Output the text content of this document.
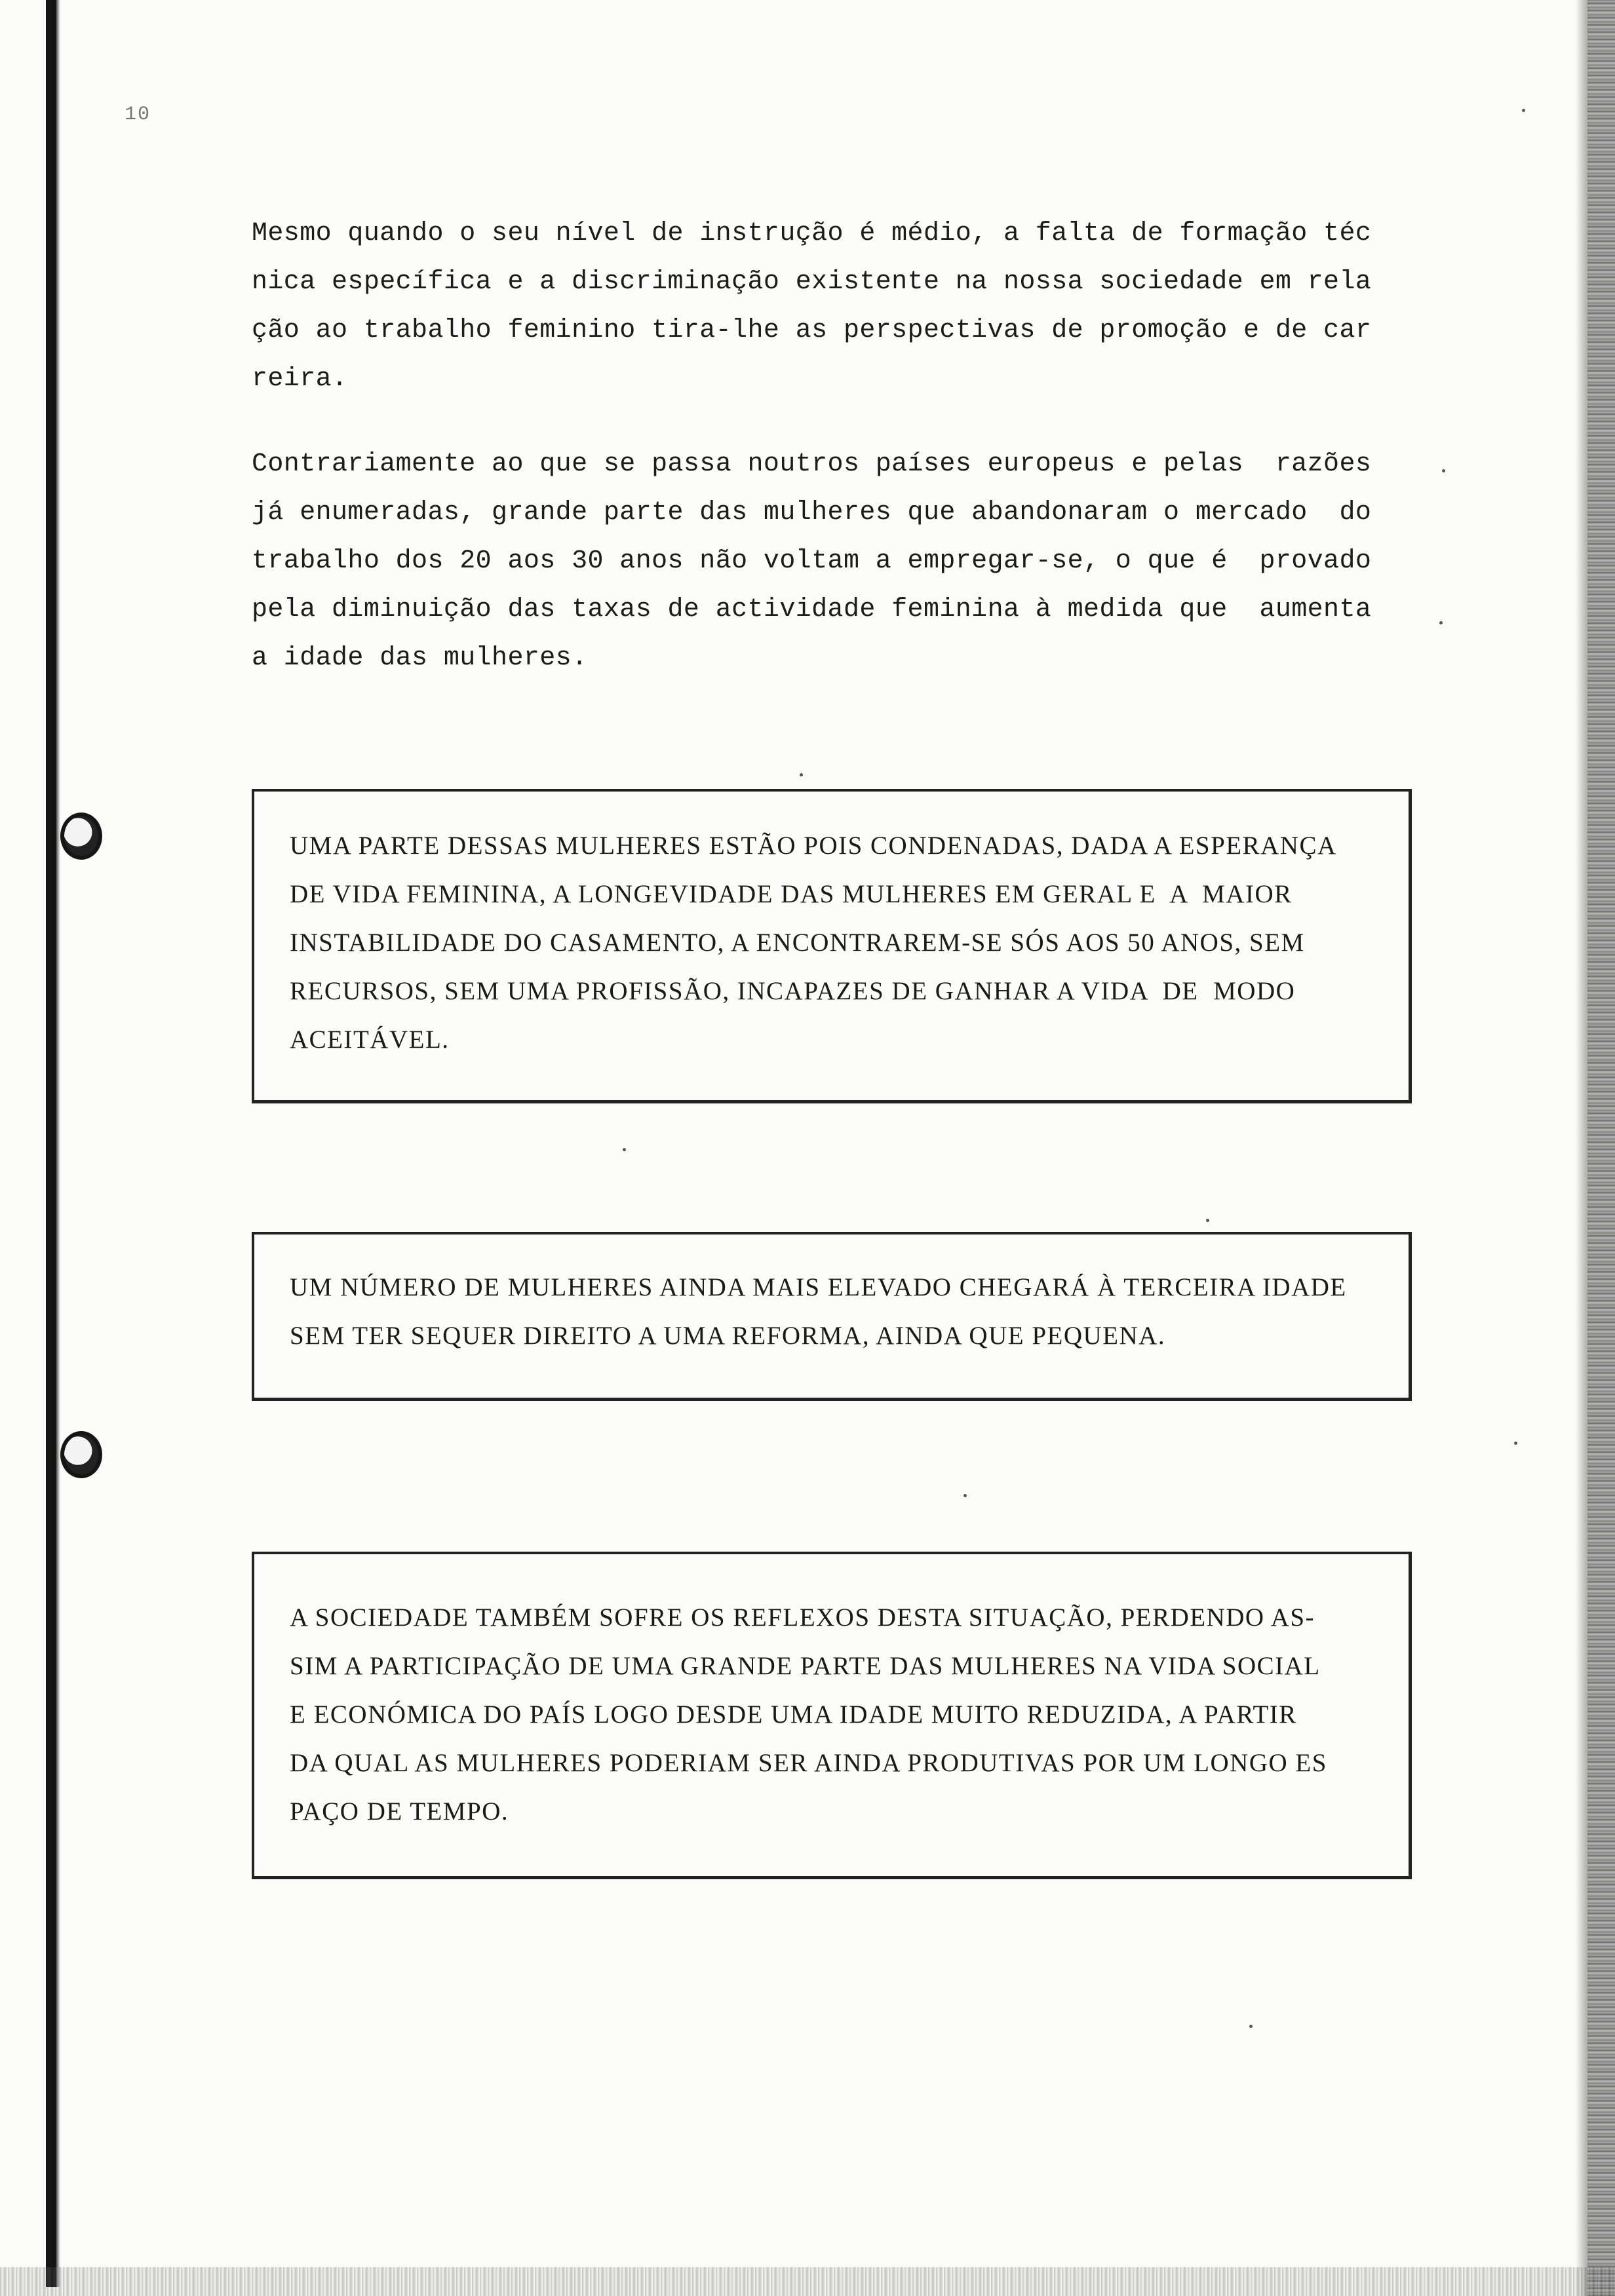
10

Mesmo quando o seu nível de instrução é médio, a falta de formação téc
nica específica e a discriminação existente na nossa sociedade em rela
ção ao trabalho feminino tira-lhe as perspectivas de promoção e de car
reira.

Contrariamente ao que se passa noutros países europeus e pelas  razões
já enumeradas, grande parte das mulheres que abandonaram o mercado  do
trabalho dos 20 aos 30 anos não voltam a empregar-se, o que é  provado
pela diminuição das taxas de actividade feminina à medida que  aumenta
a idade das mulheres.

UMA PARTE DESSAS MULHERES ESTÃO POIS CONDENADAS, DADA A ESPERANÇA
DE VIDA FEMININA, A LONGEVIDADE DAS MULHERES EM GERAL E  A  MAIOR
INSTABILIDADE DO CASAMENTO, A ENCONTRAREM-SE SÓS AOS 50 ANOS, SEM
RECURSOS, SEM UMA PROFISSÃO, INCAPAZES DE GANHAR A VIDA  DE  MODO
ACEITÁVEL.

UM NÚMERO DE MULHERES AINDA MAIS ELEVADO CHEGARÁ À TERCEIRA IDADE
SEM TER SEQUER DIREITO A UMA REFORMA, AINDA QUE PEQUENA.

A SOCIEDADE TAMBÉM SOFRE OS REFLEXOS DESTA SITUAÇÃO, PERDENDO AS-
SIM A PARTICIPAÇÃO DE UMA GRANDE PARTE DAS MULHERES NA VIDA SOCIAL
E ECONÓMICA DO PAÍS LOGO DESDE UMA IDADE MUITO REDUZIDA, A PARTIR
DA QUAL AS MULHERES PODERIAM SER AINDA PRODUTIVAS POR UM LONGO ES
PAÇO DE TEMPO.
